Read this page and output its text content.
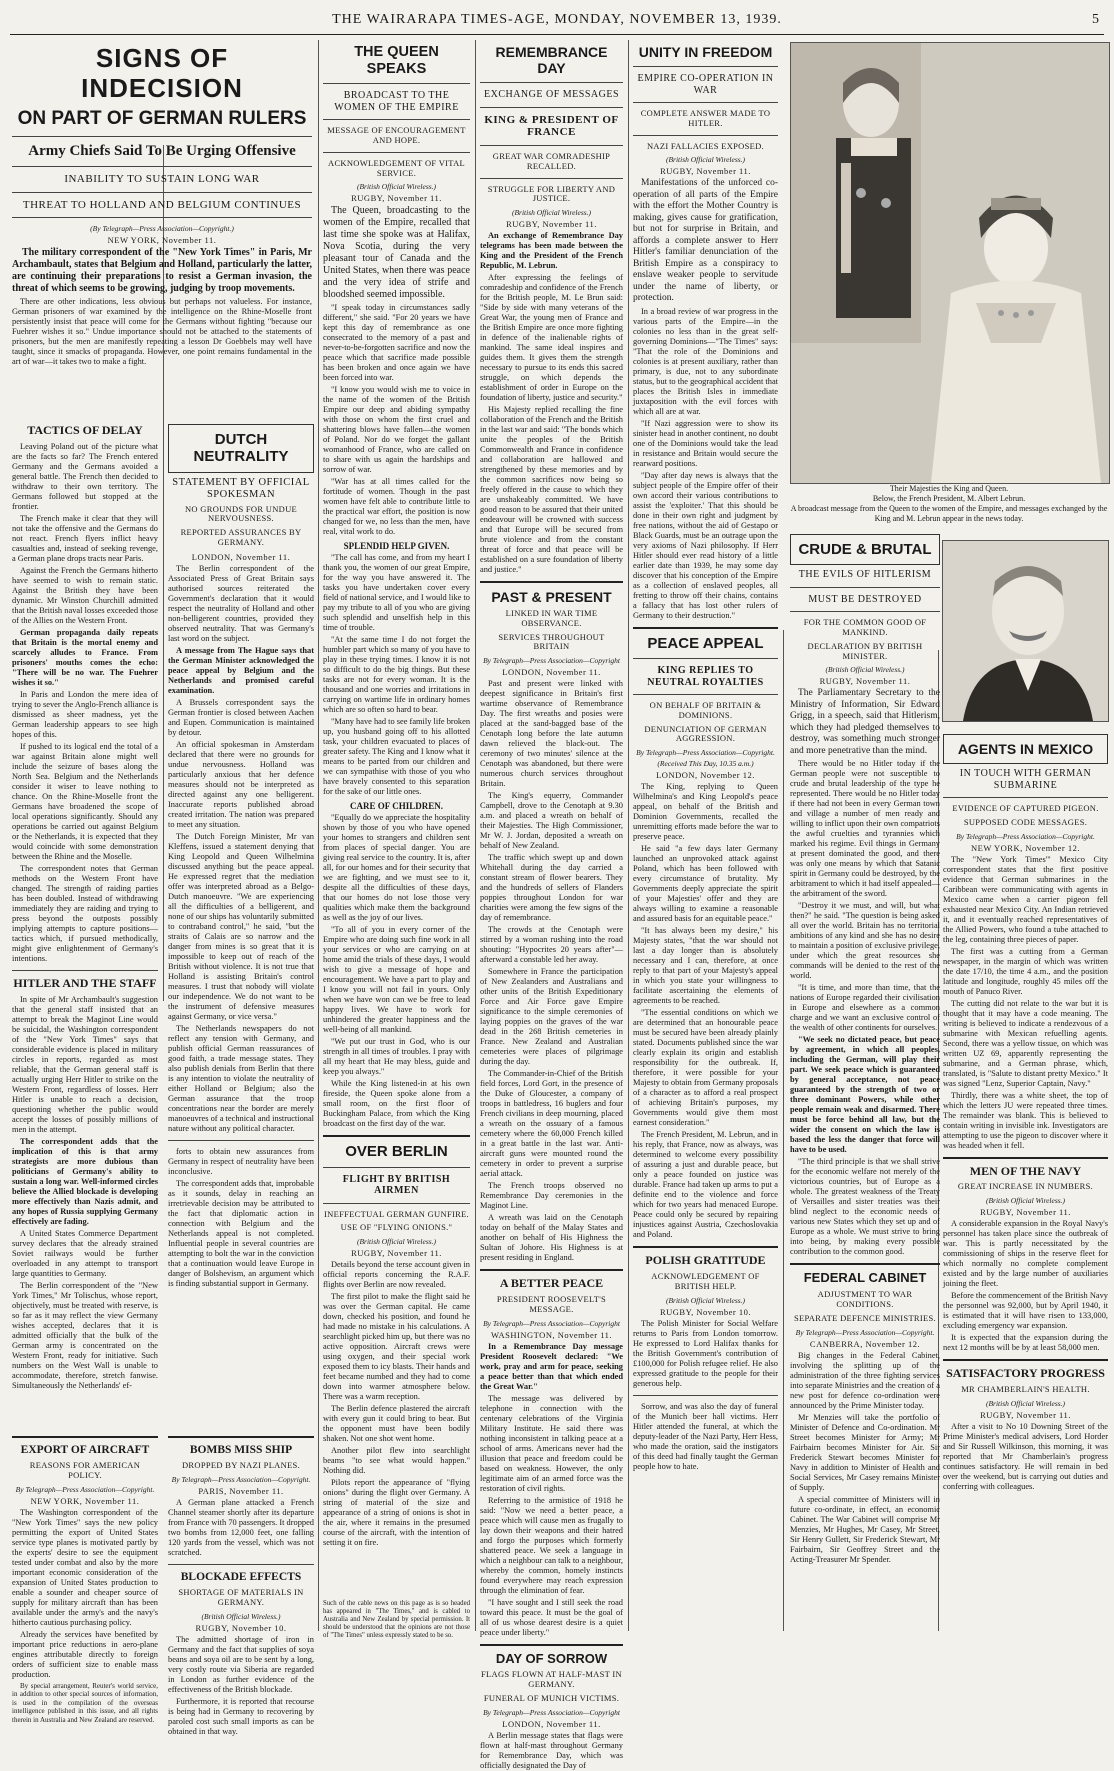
THE WAIRARAPA TIMES-AGE, MONDAY, NOVEMBER 13, 1939.	5
SIGNS OF INDECISION
ON PART OF GERMAN RULERS
Army Chiefs Said To Be Urging Offensive
INABILITY TO SUSTAIN LONG WAR
THREAT TO HOLLAND AND BELGIUM CONTINUES
(By Telegraph—Press Association—Copyright.)
NEW YORK, November 11.

The military correspondent of the "New York Times" in Paris, Mr Archambault, states that Belgium and Holland, particularly the latter, are continuing their preparations to resist a German invasion, the threat of which seems to be growing, judging by troop movements.

There are other indications, less obvious but perhaps not valueless. For instance, German prisoners of war examined by the intelligence on the Rhine-Moselle front persistently insist that peace will come for the Germans without fighting "because our Fuehrer wishes it so." Undue importance should not be attached to the statements of prisoners, but the men are manifestly repeating a lesson Dr Goebbels may well have taught, since it smacks of propaganda. However, one point remains fundamental in the art of war—it takes two to make a fight.

TACTICS OF DELAY

Leaving Poland out of the picture what are the facts so far? The French entered Germany and the Germans avoided a general battle. The French then decided to withdraw to their own territory. The Germans followed but stopped at the frontier.

The French make it clear that they will not take the offensive and the Germans do not react. French flyers inflict heavy casualties and, instead of seeking revenge, a German plane drops tracts near Paris.

Against the French the Germans hitherto have seemed to wish to remain static. Against the British they have been dynamic. Mr Winston Churchill admitted that the British naval losses exceeded those of the Allies on the Western Front.

German propaganda daily repeats that Britain is the mortal enemy and scarcely alludes to France. From prisoners' mouths comes the echo: "There will be no war. The Fuehrer wishes it so."

In Paris and London the mere idea of trying to sever the Anglo-French alliance is dismissed as sheer madness, yet the German leadership appears to see high hopes of this.

If pushed to its logical end the total of a war against Britain alone might well include the seizure of bases along the North Sea. Belgium and the Netherlands consider it wiser to leave nothing to chance. On the Rhine-Moselle front the Germans have broadened the scope of local operations significantly. Should any operations be carried out against Belgium or the Netherlands, it is expected that they would coincide with some demonstration between the Rhine and the Moselle.

The correspondent notes that German methods on the Western Front have changed. The strength of raiding parties has been doubled. Instead of withdrawing immediately they are raiding and trying to press beyond the outposts possibly implying attempts to capture positions—tactics which, if pursued methodically, might give enlightenment of Germany's intentions.

HITLER AND THE STAFF

In spite of Mr Archambault's suggestion that the general staff insisted that an attempt to break the Maginot Line would be suicidal, the Washington correspondent of the "New York Times" says that considerable evidence is placed in military circles in reports, regarded as most reliable, that the German general staff is actually urging Herr Hitler to strike on the Western Front, regardless of losses. Herr Hitler is unable to reach a decision, questioning whether the public would accept the losses of possibly millions of men in the attempt.

The correspondent adds that the implication of this is that army strategists are more dubious than politicians of Germany's ability to sustain a long war. Well-informed circles believe the Allied blockade is developing more effectively than Nazis admit, and any hopes of Russia supplying Germany effectively are fading.

A United States Commerce Department survey declares that the already strained Soviet railways would be further overloaded in any attempt to transport large quantities to Germany.

The Berlin correspondent of the "New York Times," Mr Tolischus, whose report, objectively, must be treated with reserve, is so far as it may reflect the view Germany wishes accepted, declares that it is admitted officially that the bulk of the German army is concentrated on the Western Front, ready for initiative. Such numbers on the West Wall is unable to accommodate, therefore, stretch fanwise. Simultaneously the Netherlands' ef-

DUTCH NEUTRALITY
STATEMENT BY OFFICIAL SPOKESMAN
NO GROUNDS FOR UNDUE NERVOUSNESS.
REPORTED ASSURANCES BY GERMANY.
LONDON, November 11.

The Berlin correspondent of the Associated Press of Great Britain says authorised sources reiterated the Government's declaration that it would respect the neutrality of Holland and other non-belligerent countries, provided they observed neutrality. That was Germany's last word on the subject.

A message from The Hague says that the German Minister acknowledged the peace appeal by Belgium and the Netherlands and promised careful examination.

A Brussels correspondent says the German frontier is closed between Aachen and Eupen. Communication is maintained by detour.

An official spokesman in Amsterdam declared that there were no grounds for undue nervousness. Holland was particularly anxious that her defence measures should not be interpreted as directed against any one belligerent. Inaccurate reports published abroad created irritation. The nation was prepared to meet any situation.

The Dutch Foreign Minister, Mr van Kleffens, issued a statement denying that King Leopold and Queen Wilhelmina discussed anything but the peace appeal. He expressed regret that the mediation offer was interpreted abroad as a Belgo-Dutch manoeuvre. "We are experiencing all the difficulties of a belligerent, and none of our ships has voluntarily submitted to contraband control," he said, "but the straits of Calais are so narrow and the danger from mines is so great that it is impossible to keep out of reach of the British without violence. It is not true that Holland is assisting Britain's control measures. I trust that nobody will violate our independence. We do not want to be the instrument of defensive measures against Germany, or vice versa."

The Netherlands newspapers do not reflect any tension with Germany, and publish official German reassurances of good faith, a trade message states. They also publish denials from Berlin that there is any intention to violate the neutrality of either Holland or Belgium; also the German assurance that the troop concentrations near the border are merely manoeuvres of a technical and instructional nature without any political character.

forts to obtain new assurances from Germany in respect of neutrality have been inconclusive.

The correspondent adds that, improbable as it sounds, delay in reaching an irretrievable decision may be attributed to the fact that diplomatic action in connection with Belgium and the Netherlands appeal is not completed. Influential people in several countries are attempting to bolt the war in the conviction that a continuation would leave Europe in danger of Bolshevism, an argument which is finding substantial support in Germany.

EXPORT OF AIRCRAFT
REASONS FOR AMERICAN POLICY.
By Telegraph—Press Association—Copyright.
NEW YORK, November 11.

The Washington correspondent of the "New York Times" says the new policy permitting the export of United States service type planes is motivated partly by the experts' desire to see the equipment tested under combat and also by the more important economic consideration of the expansion of United States production to enable a sounder and cheaper source of supply for military aircraft than has been available under the army's and the navy's hitherto cautious purchasing policy.

Already the services have benefited by important price reductions in aero-plane engines attributable directly to foreign orders of sufficient size to enable mass production.

By special arrangement, Reuter's world service, in addition to other special sources of information, is used in the compilation of the overseas intelligence published in this issue, and all rights therein in Australia and New Zealand are reserved.

BOMBS MISS SHIP
DROPPED BY NAZI PLANES.
By Telegraph—Press Association—Copyright.
PARIS, November 11.

A German plane attacked a French Channel steamer shortly after its departure from France with 70 passengers. It dropped two bombs from 12,000 feet, one falling 120 yards from the vessel, which was not scratched.

BLOCKADE EFFECTS
SHORTAGE OF MATERIALS IN GERMANY.
(British Official Wireless.)
RUGBY, November 10.

The admitted shortage of iron in Germany and the fact that supplies of soya beans and soya oil are to be sent by a long, very costly route via Siberia are regarded in London as further evidence of the effectiveness of the British blockade.

Furthermore, it is reported that recourse is being had in Germany to recovering by paroled cost such small imports as can be obtained in that way.

THE QUEEN SPEAKS
BROADCAST TO THE WOMEN OF THE EMPIRE
MESSAGE OF ENCOURAGEMENT AND HOPE.
ACKNOWLEDGEMENT OF VITAL SERVICE.
(British Official Wireless.)
RUGBY, November 11.

The Queen, broadcasting to the women of the Empire, recalled that last time she spoke was at Halifax, Nova Scotia, during the very pleasant tour of Canada and the United States, when there was peace and the very idea of strife and bloodshed seemed impossible.

"I speak today in circumstances sadly different," she said. "For 20 years we have kept this day of remembrance as one consecrated to the memory of a past and never-to-be-forgotten sacrifice and now the peace which that sacrifice made possible has been broken and once again we have been forced into war.

"I know you would wish me to voice in the name of the women of the British Empire our deep and abiding sympathy with those on whom the first cruel and shattering blows have fallen—the women of Poland. Nor do we forget the gallant womanhood of France, who are called on to share with us again the hardships and sorrow of war.

"War has at all times called for the fortitude of women. Though in the past women have felt able to contribute little to the practical war effort, the position is now changed for we, no less than the men, have real, vital work to do.

SPLENDID HELP GIVEN.

"The call has come, and from my heart I thank you, the women of our great Empire, for the way you have answered it. The tasks you have undertaken cover every field of national service, and I would like to pay my tribute to all of you who are giving such splendid and unselfish help in this time of trouble.

"At the same time I do not forget the humbler part which so many of you have to play in these trying times. I know it is not so difficult to do the big things. But these tasks are not for every woman. It is the thousand and one worries and irritations in carrying on wartime life in ordinary homes which are so often so hard to bear.

"Many have had to see family life broken up, you husband going off to his allotted task, your children evacuated to places of greater safety. The King and I know what it means to be parted from our children and we can sympathise with those of you who have bravely consented to this separation for the sake of our little ones.

CARE OF CHILDREN.

"Equally do we appreciate the hospitality shown by those of you who have opened your homes to strangers and children sent from places of special danger. You are giving real service to the country. It is, after all, for our homes and for their security that we are fighting, and we must see to it, despite all the difficulties of these days, that our homes do not lose those very qualities which make them the background as well as the joy of our lives.

"To all of you in every corner of the Empire who are doing such fine work in all your services or who are carrying on at home amid the trials of these days, I would wish to give a message of hope and encouragement. We have a part to play and I know you will not fail in yours. Only when we have won can we be free to lead happy lives. We have to work for unhindered the greater happiness and the well-being of all mankind.

"We put our trust in God, who is our strength in all times of troubles. I pray with all my heart that He may bless, guide and keep you always."

While the King listened-in at his own fireside, the Queen spoke alone from a small room, on the first floor of Buckingham Palace, from which the King broadcast on the first day of the war.

OVER BERLIN
FLIGHT BY BRITISH AIRMEN
INEFFECTUAL GERMAN GUNFIRE.
USE OF "FLYING ONIONS."
(British Official Wireless.)
RUGBY, November 11.

Details beyond the terse account given in official reports concerning the R.A.F. flights over Berlin are now revealed.

The first pilot to make the flight said he was over the German capital. He came down, checked his position, and found he had made no mistake in his calculations. A searchlight picked him up, but there was no active opposition. Aircraft crews were using oxygen, and their special work exposed them to icy blasts. Their hands and feet became numbed and they had to come down into warmer atmosphere below. There was a warm reception.

The Berlin defence plastered the aircraft with every gun it could bring to bear. But the opponent must have been bodily shaken. Not one shot went home.

Another pilot flew into searchlight beams "to see what would happen." Nothing did.

Pilots report the appearance of "flying onions" during the flight over Germany. A string of material of the size and appearance of a string of onions is shot in the air, where it remains in the presumed course of the aircraft, with the intention of setting it on fire.

Such of the cable news on this page as is so headed has appeared in "The Times," and is cabled to Australia and New Zealand by special permission. It should be understood that the opinions are not those of "The Times" unless expressly stated to be so.

REMEMBRANCE DAY
EXCHANGE OF MESSAGES
KING & PRESIDENT OF FRANCE
GREAT WAR COMRADESHIP RECALLED.
STRUGGLE FOR LIBERTY AND JUSTICE.
(British Official Wireless.)
RUGBY, November 11.

An exchange of Remembrance Day telegrams has been made between the King and the President of the French Republic, M. Lebrun.

After expressing the feelings of comradeship and confidence of the French for the British people, M. Le Brun said: "Side by side with many veterans of the Great War, the young men of France and the British Empire are once more fighting in defence of the inalienable rights of mankind. The same ideal inspires and guides them. It gives them the strength necessary to pursue to its ends this sacred struggle, on which depends the establishment of order in Europe on the foundation of liberty, justice and security."

His Majesty replied recalling the fine collaboration of the French and the British in the last war and said: "The bonds which unite the peoples of the British Commonwealth and France in confidence and collaboration are hallowed and strengthened by these memories and by the common sacrifices now being so freely offered in the cause to which they are unshakeably committed. We have good reason to be assured that their united endeavour will be crowned with success and that Europe will be secured from brute violence and from the constant threat of force and that peace will be established on a sure foundation of liberty and justice."

PAST & PRESENT
LINKED IN WAR TIME OBSERVANCE.
SERVICES THROUGHOUT BRITAIN
By Telegraph—Press Association—Copyright
LONDON, November 11.

Past and present were linked with deepest significance in Britain's first wartime observance of Remembrance Day. The first wreaths and posies were placed at the sand-bagged base of the Cenotaph long before the late autumn dawn relieved the black-out. The ceremony of two minutes' silence at the Cenotaph was abandoned, but there were numerous church services throughout Britain.

The King's equerry, Commander Campbell, drove to the Cenotaph at 9.30 a.m. and placed a wreath on behalf of their Majesties. The High Commissioner, Mr W. J. Jordan, deposited a wreath on behalf of New Zealand.

The traffic which swept up and down Whitehall during the day carried a constant stream of flower bearers. They and the hundreds of sellers of Flanders poppies throughout London for war charities were among the few signs of the day of remembrance.

The crowds at the Cenotaph were stirred by a woman rushing into the road shouting: "Hypocrites 20 years after"—afterward a constable led her away.

Somewhere in France the participation of New Zealanders and Australians and other units of the British Expeditionary Force and Air Force gave Empire significance to the simple ceremonies of laying poppies on the graves of the war dead in the 268 British cemeteries in France. New Zealand and Australian cemeteries were places of pilgrimage during the day.

The Commander-in-Chief of the British field forces, Lord Gort, in the presence of the Duke of Gloucester, a company of troops in battledress, 16 buglers and four French civilians in deep mourning, placed a wreath on the ossuary of a famous cemetery where the 60,000 French killed in a great battle in the last war. Anti-aircraft guns were mounted round the cemetery in order to prevent a surprise aerial attack.

The French troops observed no Remembrance Day ceremonies in the Maginot Line.

A wreath was laid on the Cenotaph today on behalf of the Malay States and another on behalf of His Highness the Sultan of Johore. His Highness is at present residing in England.

A BETTER PEACE
PRESIDENT ROOSEVELT'S MESSAGE.
By Telegraph—Press Association—Copyright
WASHINGTON, November 11.

In a Remembrance Day message President Roosevelt declared: "We work, pray and arm for peace, seeking a peace better than that which ended the Great War."

The message was delivered by telephone in connection with the centenary celebrations of the Virginia Military Institute. He said there was nothing inconsistent in talking peace at a school of arms. Americans never had the illusion that peace and freedom could be based on weakness. However, the only legitimate aim of an armed force was the restoration of civil rights.

Referring to the armistice of 1918 he said: "Now we need a better peace, a peace which will cause men as frugally to lay down their weapons and their hatred and forgo the purposes which formerly shattered peace. We seek a language in which a neighbour can talk to a neighbour, whereby the common, homely instincts found everywhere may reach expression through the elimination of fear.

"I have sought and I still seek the road toward this peace. It must be the goal of all of us whose dearest desire is a quiet peace under liberty."

DAY OF SORROW
FLAGS FLOWN AT HALF-MAST IN GERMANY.
FUNERAL OF MUNICH VICTIMS.
By Telegraph—Press Association—Copyright
LONDON, November 11.

A Berlin message states that flags were flown at half-mast throughout Germany for Remembrance Day, which was officially designated the Day of

UNITY IN FREEDOM
EMPIRE CO-OPERATION IN WAR
COMPLETE ANSWER MADE TO HITLER.
NAZI FALLACIES EXPOSED.
(British Official Wireless.)
RUGBY, November 11.

Manifestations of the unforced co-operation of all parts of the Empire with the effort the Mother Country is making, gives cause for gratification, but not for surprise in Britain, and affords a complete answer to Herr Hitler's familiar denunciation of the British Empire as a conspiracy to enslave weaker people to servitude under the name of liberty, or protection.

In a broad review of war progress in the various parts of the Empire—in the colonies no less than in the great self-governing Dominions—"The Times" says: "That the role of the Dominions and colonies is at present auxiliary, rather than primary, is due, not to any subordinate status, but to the geographical accident that places the British Isles in immediate juxtaposition with the evil forces with which all are at war.

"If Nazi aggression were to show its sinister head in another continent, no doubt one of the Dominions would take the lead in resistance and Britain would secure the rearward positions.

"Day after day news is always that the subject people of the Empire offer of their own accord their various contributions to assist the 'exploiter.' That this should be done in their own right and judgment by free nations, without the aid of Gestapo or Black Guards, must be an outrage upon the very axioms of Nazi philosophy. If Herr Hitler should ever read history of a little earlier date than 1939, he may some day discover that his conception of the Empire as a collection of enslaved peoples, all fretting to throw off their chains, contains a fallacy that has lost other rulers of Germany to their destruction."

PEACE APPEAL
KING REPLIES TO NEUTRAL ROYALTIES
ON BEHALF OF BRITAIN & DOMINIONS.
DENUNCIATION OF GERMAN AGGRESSION.
By Telegraph—Press Association—Copyright.
(Received This Day, 10.35 a.m.)
LONDON, November 12.

The King, replying to Queen Wilhelmina's and King Leopold's peace appeal, on behalf of the British and Dominion Governments, recalled the unremitting efforts made before the war to preserve peace.

He said "a few days later Germany launched an unprovoked attack against Poland, which has been followed with every circumstance of brutality. My Governments deeply appreciate the spirit of your Majesties' offer and they are always willing to examine a reasonable and assured basis for an equitable peace."

"It has always been my desire," his Majesty states, "that the war should not last a day longer than is absolutely necessary and I can, therefore, at once reply to that part of your Majesty's appeal in which you state your willingness to facilitate ascertaining the elements of agreements to be reached.

"The essential conditions on which we are determined that an honourable peace must be secured have been already plainly stated. Documents published since the war clearly explain its origin and establish responsibility for the outbreak. If, therefore, it were possible for your Majesty to obtain from Germany proposals of a character as to afford a real prospect of achieving Britain's purposes, my Governments would give them most earnest consideration."

The French President, M. Lebrun, and in his reply, that France, now as always, was determined to welcome every possibility of assuring a just and durable peace, but only a peace founded on justice was durable. France had taken up arms to put a definite end to the violence and force which for two years had menaced Europe. Peace could only be secured by repairing injustices against Austria, Czechoslovakia and Poland.

POLISH GRATITUDE
ACKNOWLEDGEMENT OF BRITISH HELP.
(British Official Wireless.)
RUGBY, November 10.

The Polish Minister for Social Welfare returns to Paris from London tomorrow. He expressed to Lord Halifax thanks for the British Government's contribution of £100,000 for Polish refugee relief. He also expressed gratitude to the people for their generous help.

Sorrow, and was also the day of funeral of the Munich beer hall victims. Herr Hitler attended the funeral, at which the deputy-leader of the Nazi Party, Herr Hess, who made the oration, said the instigators of this deed had finally taught the German people how to hate.

Their Majesties the King and Queen.
Below, the French President, M. Albert Lebrun.
A broadcast message from the Queen to the women of the Empire, and messages exchanged by the King and M. Lebrun appear in the news today.
CRUDE & BRUTAL
THE EVILS OF HITLERISM
MUST BE DESTROYED
FOR THE COMMON GOOD OF MANKIND.
DECLARATION BY BRITISH MINISTER.
(British Official Wireless.)
RUGBY, November 11.

The Parliamentary Secretary to the Ministry of Information, Sir Edward Grigg, in a speech, said that Hitlerism, which they had pledged themselves to destroy, was something much stronger and more penetrative than the mind.

There would be no Hitler today if the German people were not susceptible to crude and brutal leadership of the type he represented. There would be no Hitler today if there had not been in every German town and village a number of men ready and willing to inflict upon their own compatriots the awful cruelties and tyrannies which marked his regime. Evil things in Germany at present dominated the good, and there was only one means by which that Satanic spirit in Germany could be destroyed, by the arbitrament to which it had itself appealed—the arbitrament of the sword.

"Destroy it we must, and will, but what then?" he said. "The question is being asked all over the world. Britain has no territorial ambitions of any kind and she has no desire to maintain a position of exclusive privilege, under which the great resources she commands will be denied to the rest of the world.

"It is time, and more than time, that the nations of Europe regarded their civilisation in Europe and elsewhere as a common charge and we want an exclusive control of the wealth of other continents for ourselves.

"We seek no dictated peace, but peace by agreement, in which all peoples, including the German, will play their part. We seek peace which is guaranteed by general acceptance, not peace guaranteed by the strength of two or three dominant Powers, while other people remain weak and disarmed. There must be force behind all law, but the wider the consent on which the law is based the less the danger that force will have to be used.

"The third principle is that we shall strive for the economic welfare not merely of the victorious countries, but of Europe as a whole. The greatest weakness of the Treaty of Versailles and sister treaties was their blind neglect to the economic needs of various new States which they set up and of Europe as a whole. We must strive to bring into being, by making every possible contribution to the common good.

FEDERAL CABINET
ADJUSTMENT TO WAR CONDITIONS.
SEPARATE DEFENCE MINISTRIES.
By Telegraph—Press Association—Copyright.
CANBERRA, November 12.

Big changes in the Federal Cabinet, involving the splitting up of the administration of the three fighting services into separate Ministries and the creation of a new post for defence co-ordination were announced by the Prime Minister today.

Mr Menzies will take the portfolio of Minister of Defence and Co-ordination. Mr Street becomes Minister for Army; Mr Fairbairn becomes Minister for Air. Sir Frederick Stewart becomes Minister for Navy in addition to Minister of Health and Social Services, Mr Casey remains Minister of Supply.

A special committee of Ministers will in future co-ordinate, in effect, an economic Cabinet. The War Cabinet will comprise Mr Menzies, Mr Hughes, Mr Casey, Mr Street, Sir Henry Gullett, Sir Frederick Stewart, Mr Fairbairn, Sir Geoffrey Street and the Acting-Treasurer Mr Spender.

AGENTS IN MEXICO
IN TOUCH WITH GERMAN SUBMARINE
EVIDENCE OF CAPTURED PIGEON.
SUPPOSED CODE MESSAGES.
By Telegraph—Press Association—Copyright.
NEW YORK, November 12.

The "New York Times'" Mexico City correspondent states that the first positive evidence that German submarines in the Caribbean were communicating with agents in Mexico came when a carrier pigeon fell exhausted near Mexico City. An Indian retrieved it, and it eventually reached representatives of the Allied Powers, who found a tube attached to the leg, containing three pieces of paper.

The first was a cutting from a German newspaper, in the margin of which was written the date 17/10, the time 4 a.m., and the position latitude and longitude, roughly 45 miles off the mouth of Panuco River.

The cutting did not relate to the war but it is thought that it may have a code meaning. The writing is believed to indicate a rendezvous of a submarine with Mexican refuelling agents. Second, there was a yellow tissue, on which was written UZ 69, apparently representing the submarine, and a German phrase, which, translated, is "Salute to distant pretty Mexico." It was signed "Lenz, Superior Captain, Navy."

Thirdly, there was a white sheet, the top of which the letters JU were repeated three times. The remainder was blank. This is believed to contain writing in invisible ink. Investigators are attempting to use the pigeon to discover where it was headed when it fell.

MEN OF THE NAVY
GREAT INCREASE IN NUMBERS.
(British Official Wireless.)
RUGBY, November 11.

A considerable expansion in the Royal Navy's personnel has taken place since the outbreak of war. This is partly necessitated by the commissioning of ships in the reserve fleet for which normally no complete complement existed and by the large number of auxiliaries joining the fleet.

Before the commencement of the British Navy the personnel was 92,000, but by April 1940, it is estimated that it will have risen to 133,000, excluding emergency war expansion.

It is expected that the expansion during the next 12 months will be by at least 58,000 men.

SATISFACTORY PROGRESS
MR CHAMBERLAIN'S HEALTH.
(British Official Wireless.)
RUGBY, November 11.

After a visit to No 10 Downing Street of the Prime Minister's medical advisers, Lord Horder and Sir Russell Wilkinson, this morning, it was reported that Mr Chamberlain's progress continues satisfactory. He will remain in bed over the weekend, but is carrying out duties and conferring with colleagues.
